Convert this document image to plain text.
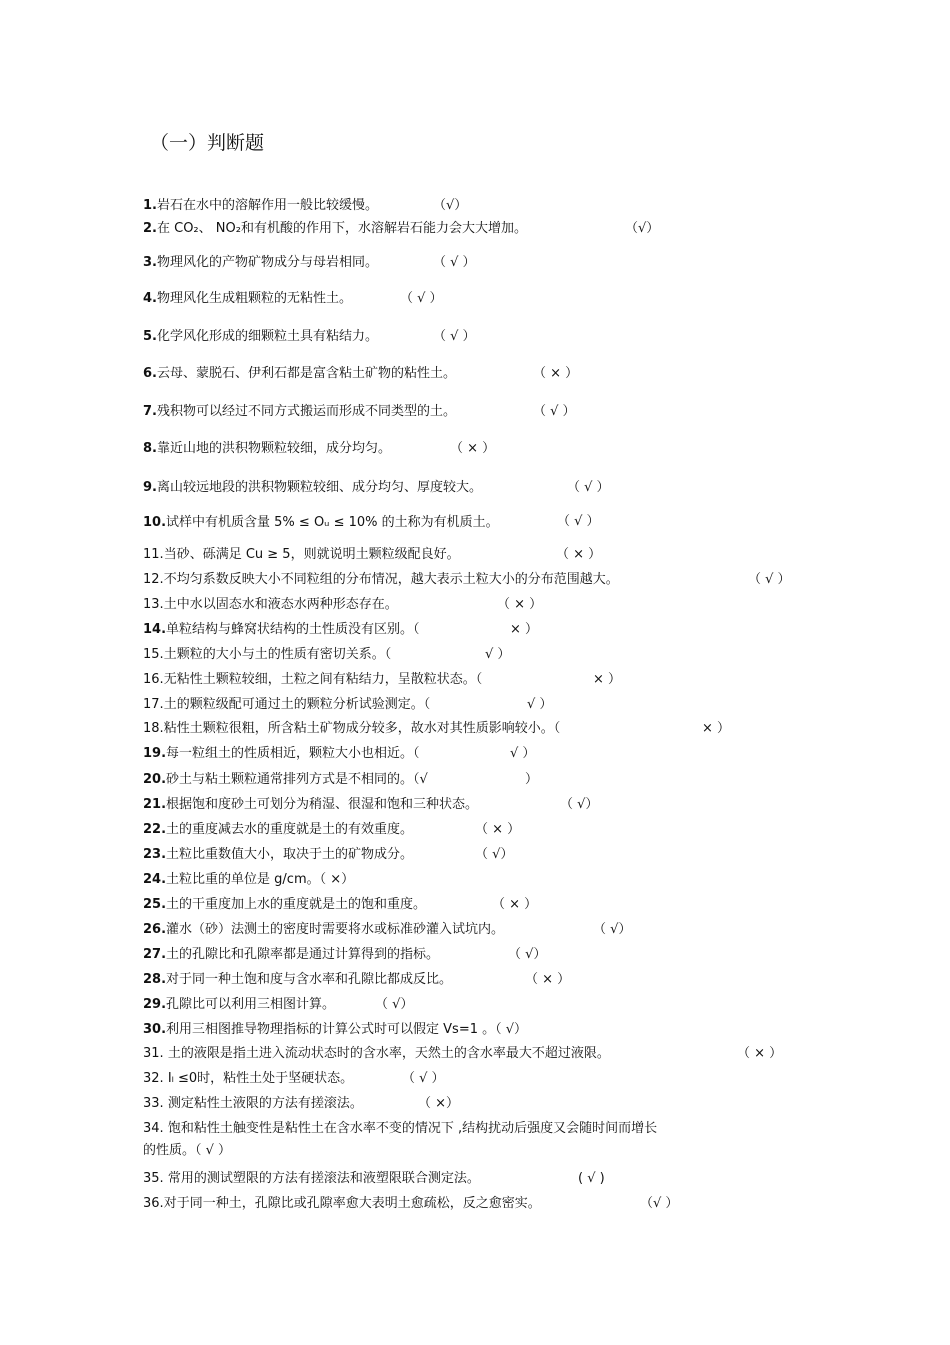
（一）判断题
1.岩石在水中的溶解作用一般比较缓慢。	（√）
2.在 CO₂、 NO₂和有机酸的作用下，水溶解岩石能力会大大增加。	（√）
3.物理风化的产物矿物成分与母岩相同。	（ √ ）
4.物理风化生成粗颗粒的无粘性土。	（ √ ）
5.化学风化形成的细颗粒土具有粘结力。	（ √ ）
6.云母、蒙脱石、伊利石都是富含粘土矿物的粘性土。	（ × ）
7.残积物可以经过不同方式搬运而形成不同类型的土。	（ √ ）
8.靠近山地的洪积物颗粒较细，成分均匀。	（ × ）
9.离山较远地段的洪积物颗粒较细、成分均匀、厚度较大。	（ √ ）
10.试样中有机质含量 5% ≤ Oᵤ ≤ 10% 的土称为有机质土。	（ √ ）
11.当砂、砾满足 Cu ≥ 5，则就说明土颗粒级配良好。	（ × ）
12.不均匀系数反映大小不同粒组的分布情况，越大表示土粒大小的分布范围越大。	（ √ ）
13.土中水以固态水和液态水两种形态存在。	（ × ）
14.单粒结构与蜂窝状结构的土性质没有区别。（	× ）
15.土颗粒的大小与土的性质有密切关系。（	√ ）
16.无粘性土颗粒较细，土粒之间有粘结力，呈散粒状态。（	× ）
17.土的颗粒级配可通过土的颗粒分析试验测定。（	√ ）
18.粘性土颗粒很粗，所含粘土矿物成分较多，故水对其性质影响较小。（	× ）
19.每一粒组土的性质相近，颗粒大小也相近。（	√ ）
20.砂土与粘土颗粒通常排列方式是不相同的。（√	）
21.根据饱和度砂土可划分为稍湿、很湿和饱和三种状态。	（ √）
22.土的重度减去水的重度就是土的有效重度。	（ × ）
23.土粒比重数值大小，取决于土的矿物成分。	（ √）
24.土粒比重的单位是 g/cm。（ ×）
25.土的干重度加上水的重度就是土的饱和重度。	（ × ）
26.灌水（砂）法测土的密度时需要将水或标准砂灌入试坑内。	（ √）
27.土的孔隙比和孔隙率都是通过计算得到的指标。	（ √）
28.对于同一种土饱和度与含水率和孔隙比都成反比。	（ × ）
29.孔隙比可以利用三相图计算。	（ √）
30.利用三相图推导物理指标的计算公式时可以假定 Vs=1 。（ √）
31. 土的液限是指土进入流动状态时的含水率，天然土的含水率最大不超过液限。	（ × ）
32. Iₗ ≤0时，粘性土处于坚硬状态。	（ √ ）
33. 测定粘性土液限的方法有搓滚法。	（ ×）
34. 饱和粘性土触变性是粘性土在含水率不变的情况下 ,结构扰动后强度又会随时间而增长
的性质。（ √ ）
35. 常用的测试塑限的方法有搓滚法和液塑限联合测定法。	( √ )
36.对于同一种土，孔隙比或孔隙率愈大表明土愈疏松，反之愈密实。	（√ ）
